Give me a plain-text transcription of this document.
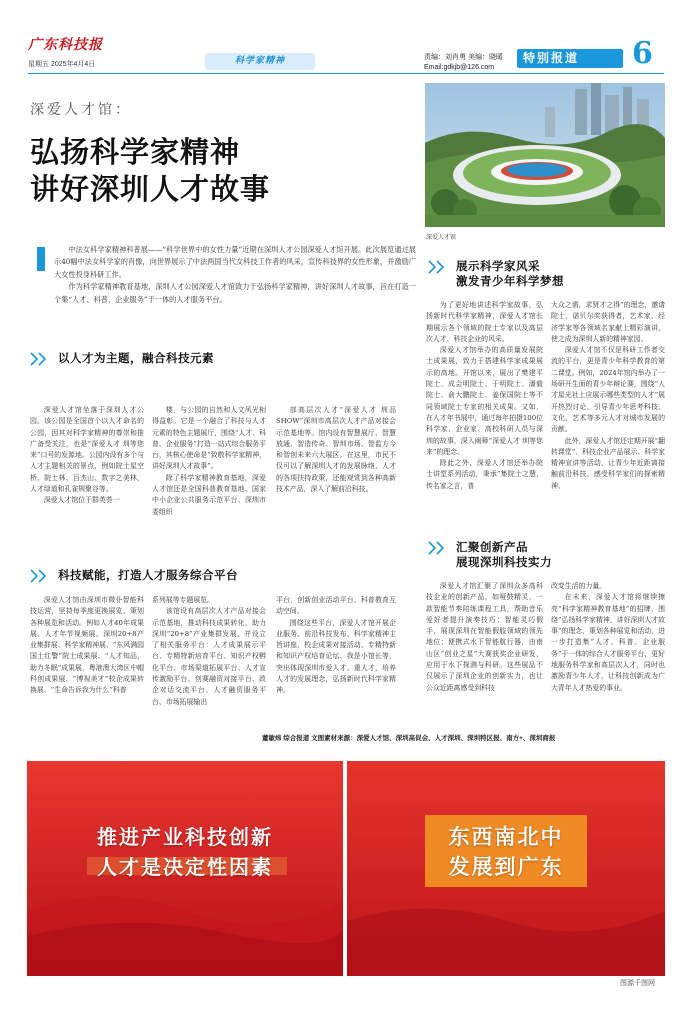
广东科技报
星期五 2025年4月4日	科学家精神	责编：刘肖勇 美编：晓暖
Email:gdkjb@126.com
特别报道	6
深爱人才馆：
弘扬科学家精神
讲好深圳人才故事
深爱人才馆

中法女科学家精神科普展——“科学世界中的女性力量”近期在深圳人才公园深爱人才馆开展。此次展览通过展示40幅中法女科学家的肖像，向世界展示了中法两国当代女科技工作者的风采，宣传科技界的女性形象，并激励广大女性投身科研工作。

作为科学家精神教育基地，深圳人才公园深爱人才馆致力于弘扬科学家精神，讲好深圳人才故事，旨在打造一个集“人才、科普、企业服务”于一体的人才服务平台。

以人才为主题，融合科技元素

深爱人才馆坐落于深圳人才公园。该公园是全国首个以人才命名的公园，因其对科学家精神的尊崇和推广备受关注，也是“深爱人才 圳等您来”口号的发源地。公园内设有多个与人才主题相关的景点，例如院士星空桥、院士林、百杰山、数字之美林，人才绿道和孔雀规聚谷等。

深爱人才馆位于群英荟一

楼，与公园的自然和人文风光相得益彰。它是一个融合了科技与人才元素的特色主题展厅，围绕“人才、科普、企业服务”打造一站式综合服务平台，其核心使命是“致敬科学家精神，讲好深圳人才故事”。

除了科学家精神教育基地，深爱人才馆还是全国科普教育基地、国家中小企业公共服务示范平台、深圳市委组织

部高层次人才“深爱人才 圳品SHOW”深圳市高层次人才产品对接会示范基地等。馆内设有智慧展厅、智慧放通、智造传奇、智圳市场、智监方今和智创未来六大展区。在这里，市民不仅可以了解深圳人才的发展脉络、人才的各项扶持政策，还能观赏到各种高新技术产品，深入了解前沿科技。

科技赋能，打造人才服务综合平台

深爱人才馆由深圳市微仆智能科技运营，坚持每季度更换展览、策划各种展览和活动。例如人才40年成果展、人才年节视频展、深圳20+8产业集群展、科学家精神展、“东风满园 国士红警”院士成果展、“人才知品，助力冬眠”成果展、粤港澳大湾区中帽科创成果展、“博视美才”校企成果转换展、“生命告诉我为什么”科普

系列展等专题展览。

该馆设有高层次人才产品对接会示范基地，推动科技成果转化，助力深圳“20+8”产业集群发展，并设立了相关服务平台：人才成果展示平台、专精特新培育平台、知识产权孵化平台、市场渠道拓展平台、人才宣传激励平台、创赛融资对接平台、政企对话交流平台、人才融资服务平台、市场拓展输出

平台、创新创业活动平台、科普教育互动空间。

围绕这些平台，深爱人才馆开展企业服务、前沿科技发布、科学家精神主旨讲座、校企成果对接活动、专精特新和知识产权培育论坛、我是小馆长等，突出体现深圳市爱人才、重人才，培养人才的发展理念，弘扬新时代科学家精神。

展示科学家风采
激发青少年科学梦想

为了更好地讲述科学家故事，弘扬新时代科学家精神，深爱人才馆长期展示各个领域的院士专家以及高层次人才、科技企业的风采。

深爱人才馆举办的高质量发展院士成果展，致力于搭建科学家成果展示的高地。开馆以来，展出了樊建平院士、成会明院士、于明院士、潘毅院士、俞大鹏院士、姜保国院士等不同领域院士专家的相关成果。又如，在人才年书展中，通过每年拍摄100位科学家、企业家、高校科研人员与深圳的故事，深入阐释“深爱人才 圳等您来”的理念。

除此之外，深爱人才馆还举办院士讲堂系列活动，秉承“集院士之慧，传名家之言，普

大众之需，求贤才之得”的理念，邀请院士，诺贝尔奖获得者，艺术家、经济学家等各领域名家献上精彩演讲，使之成为深圳人新的精神家园。

深爱人才馆不仅是科研工作者交流的平台，更是青少年科学教育的第二课堂。例如，2024年馆内举办了一场研开生面的青少年辩论赛，围绕“人才星光社上应展示哪些类型的人才”展开热烈讨论，引导青少年思考科技、文化、艺术等多元人才对城市发展的贡献。

此外，深爱人才馆还定期开展“翻转课堂”、科技企业产品展示、科学家精神宣讲等活动，让青少年近距离接触前沿科技，感受科学家们的探索精神。

汇聚创新产品
展现深圳科技实力

深爱人才馆汇聚了深圳众多高科技企业的创新产品，如哑鼓精灵、一款智能节奏陪练课程工具，帮助音乐爱好者提升演奏技巧；智能灵巧假手，展现深圳在智能假肢领域的领先地位；便携式水下智能航行器，由南山区“创业之星”大赛获奖企业研发，应用于水下探测与科研。这些展品不仅展示了深圳企业的创新实力，也让公众近距离感受到科技

改变生活的力量。

在未来，深爱人才馆将继续擦亮“科学家精神教育基地”的招牌，围绕“弘扬科学家精神，讲好深圳人才故事”的理念，策划各种展览和活动，进一步打造集“人才、科普、企业服务”于一体的综合人才服务平台，更好地服务科学家和高层次人才，同时也激励青少年人才，让科技创新成为广大青年人才热爱的事业。

董敏炜 综合报道 文图素材来源：深爱人才馆、深圳高促会、人才深圳、深圳特区报、南方+、深圳商报
推进产业科技创新
人才是决定性因素
东西南北中
发展到广东
图源千图网
